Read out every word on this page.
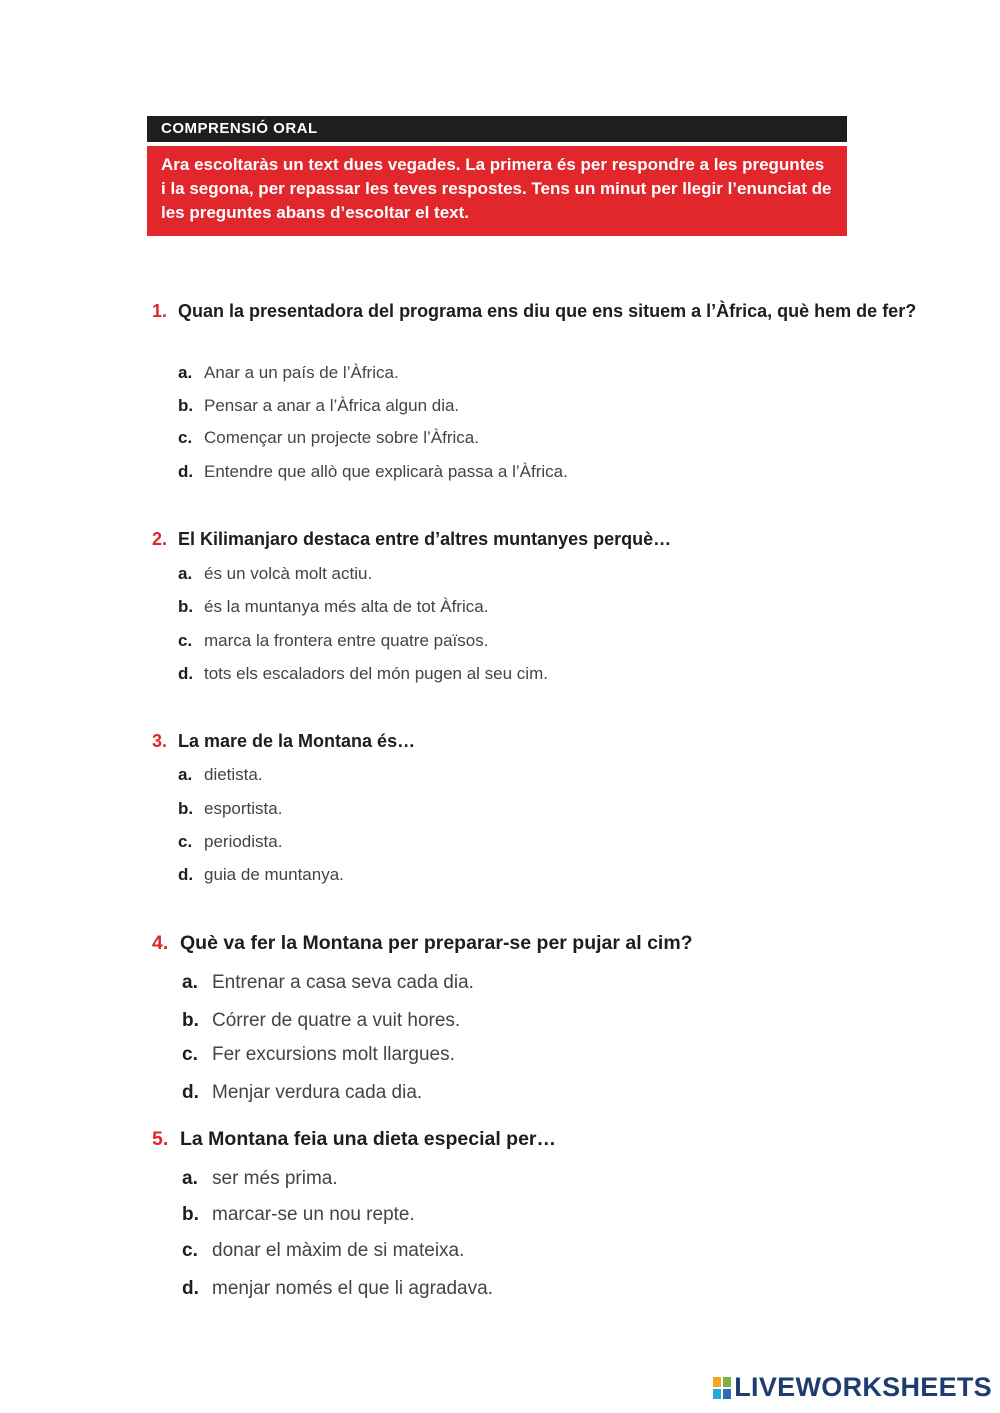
COMPRENSIÓ ORAL
Ara escoltaràs un text dues vegades. La primera és per respondre a les preguntes i la segona, per repassar les teves respostes. Tens un minut per llegir l’enunciat de les preguntes abans d’escoltar el text.
1. Quan la presentadora del programa ens diu que ens situem a l’Àfrica, què hem de fer?
a. Anar a un país de l’Àfrica.
b. Pensar a anar a l’Àfrica algun dia.
c. Començar un projecte sobre l’Àfrica.
d. Entendre que allò que explicarà passa a l’Àfrica.
2. El Kilimanjaro destaca entre d’altres muntanyes perquè…
a. és un volcà molt actiu.
b. és la muntanya més alta de tot Àfrica.
c. marca la frontera entre quatre països.
d. tots els escaladors del món pugen al seu cim.
3. La mare de la Montana és…
a. dietista.
b. esportista.
c. periodista.
d. guia de muntanya.
4. Què va fer la Montana per preparar-se per pujar al cim?
a. Entrenar a casa seva cada dia.
b. Córrer de quatre a vuit hores.
c. Fer excursions molt llargues.
d. Menjar verdura cada dia.
5. La Montana feia una dieta especial per…
a. ser més prima.
b. marcar-se un nou repte.
c. donar el màxim de si mateixa.
d. menjar només el que li agradava.
LIVEWORKSHEETS
